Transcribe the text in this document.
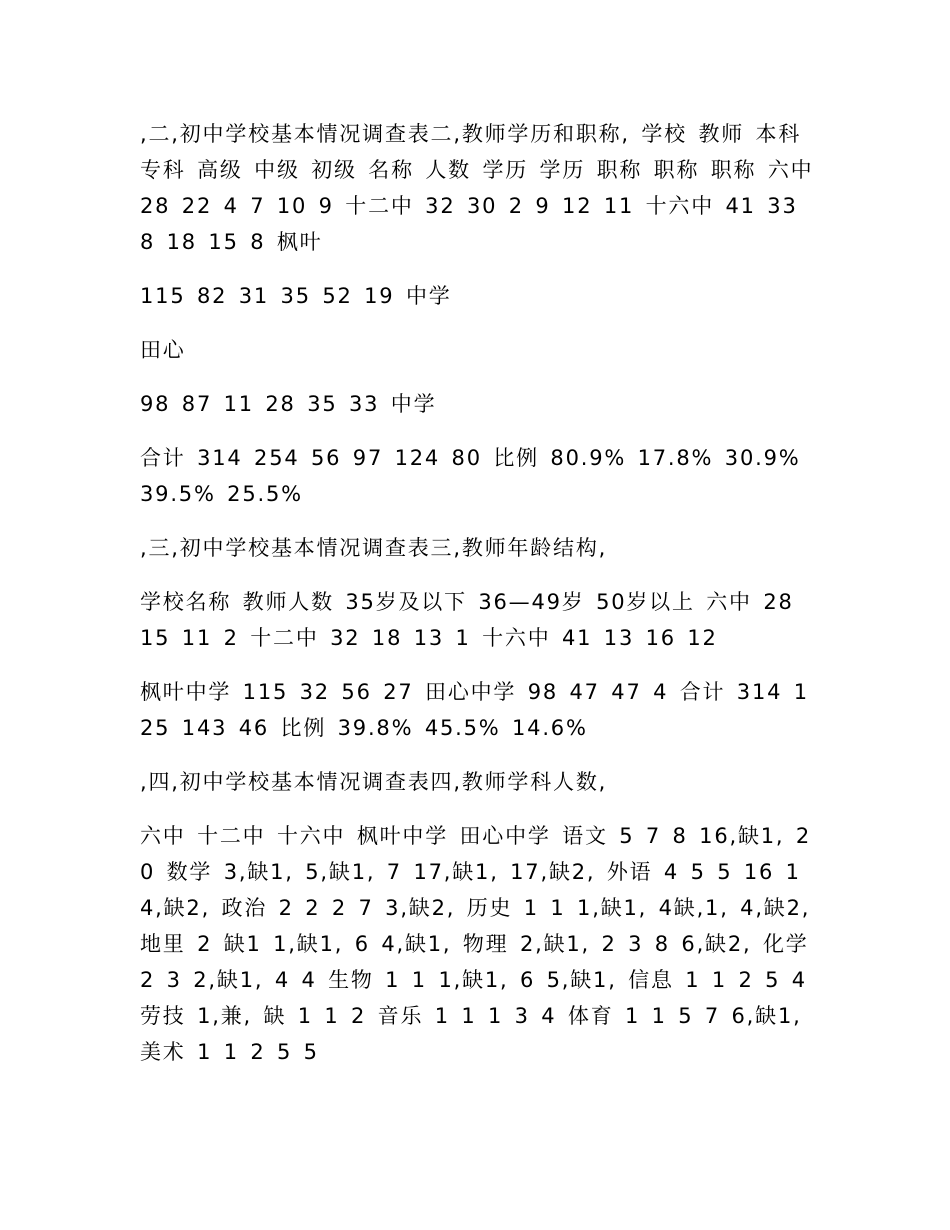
,二,初中学校基本情况调查表二,教师学历和职称, 学校 教师 本科 专科 高级 中级 初级 名称 人数 学历 学历 职称 职称 职称 六中 28 22 4 7 10 9 十二中 32 30 2 9 12 11 十六中 41 33 8 18 15 8 枫叶

115 82 31 35 52 19 中学

田心

98 87 11 28 35 33 中学

合计 314 254 56 97 124 80 比例 80.9% 17.8% 30.9% 39.5% 25.5%

,三,初中学校基本情况调查表三,教师年龄结构,

学校名称 教师人数 35岁及以下 36—49岁 50岁以上 六中 28 15 11 2 十二中 32 18 13 1 十六中 41 13 16 12

枫叶中学 115 32 56 27 田心中学 98 47 47 4 合计 314 125 143 46 比例 39.8% 45.5% 14.6%

,四,初中学校基本情况调查表四,教师学科人数,

六中 十二中 十六中 枫叶中学 田心中学 语文 5 7 8 16,缺1, 20 数学 3,缺1, 5,缺1, 7 17,缺1, 17,缺2, 外语 4 5 5 16 14,缺2, 政治 2 2 2 7 3,缺2, 历史 1 1 1,缺1, 4缺,1, 4,缺2, 地里 2 缺1 1,缺1, 6 4,缺1, 物理 2,缺1, 2 3 8 6,缺2, 化学 2 3 2,缺1, 4 4 生物 1 1 1,缺1, 6 5,缺1, 信息 1 1 2 5 4 劳技 1,兼, 缺 1 1 2 音乐 1 1 1 3 4 体育 1 1 5 7 6,缺1, 美术 1 1 2 5 5
